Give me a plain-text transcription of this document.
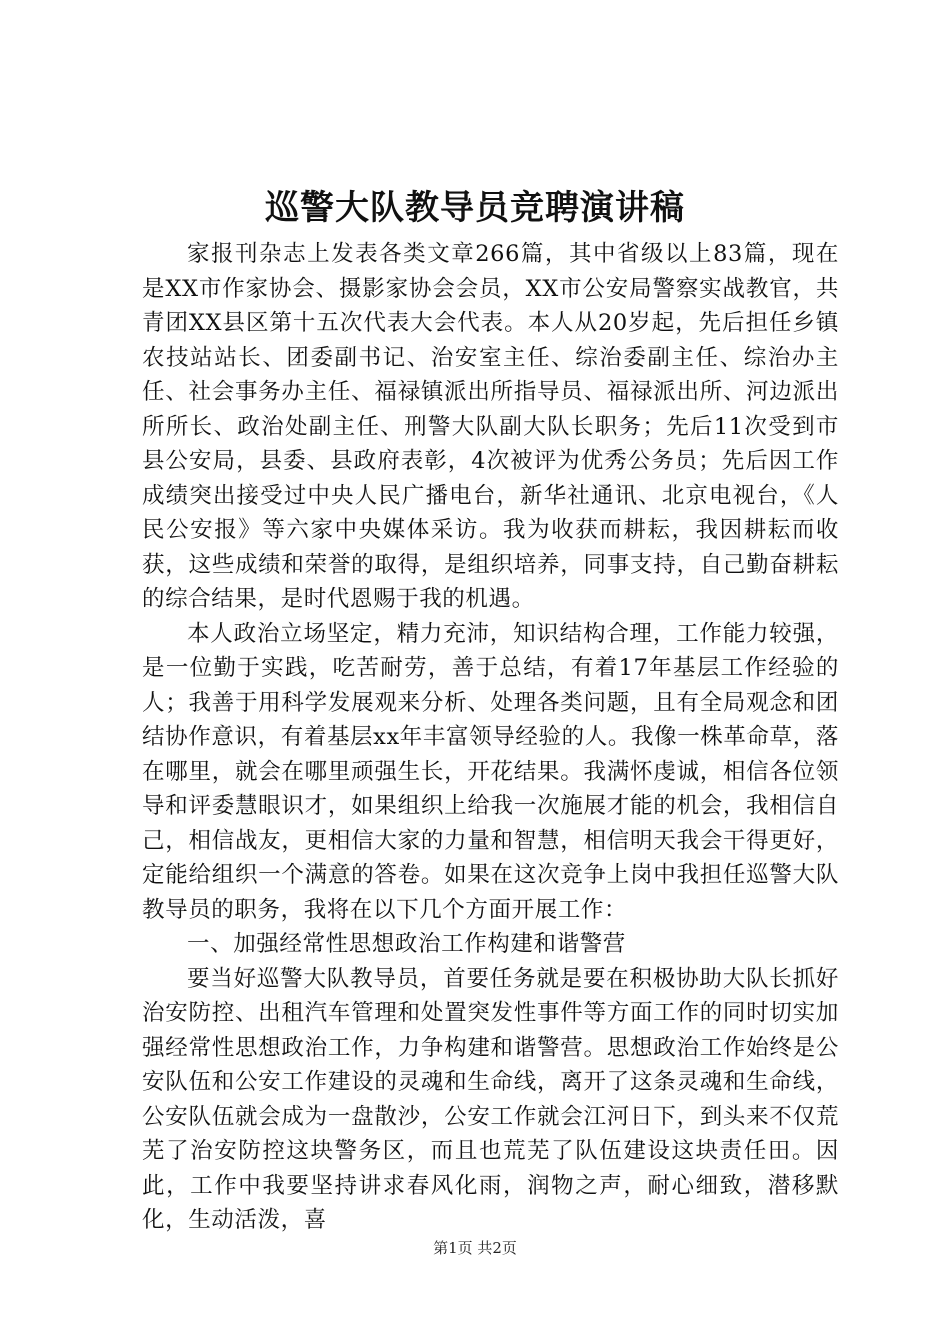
巡警大队教导员竞聘演讲稿

家报刊杂志上发表各类文章266篇，其中省级以上83篇，现在是XX市作家协会、摄影家协会会员，XX市公安局警察实战教官，共青团XX县区第十五次代表大会代表。本人从20岁起，先后担任乡镇农技站站长、团委副书记、治安室主任、综治委副主任、综治办主任、社会事务办主任、福禄镇派出所指导员、福禄派出所、河边派出所所长、政治处副主任、刑警大队副大队长职务；先后11次受到市县公安局，县委、县政府表彰，4次被评为优秀公务员；先后因工作成绩突出接受过中央人民广播电台，新华社通讯、北京电视台，《人民公安报》等六家中央媒体采访。我为收获而耕耘，我因耕耘而收获，这些成绩和荣誉的取得，是组织培养，同事支持，自己勤奋耕耘的综合结果，是时代恩赐于我的机遇。

本人政治立场坚定，精力充沛，知识结构合理，工作能力较强，是一位勤于实践，吃苦耐劳，善于总结，有着17年基层工作经验的人；我善于用科学发展观来分析、处理各类问题，且有全局观念和团结协作意识，有着基层xx年丰富领导经验的人。我像一株革命草，落在哪里，就会在哪里顽强生长，开花结果。我满怀虔诚，相信各位领导和评委慧眼识才，如果组织上给我一次施展才能的机会，我相信自己，相信战友，更相信大家的力量和智慧，相信明天我会干得更好，定能给组织一个满意的答卷。如果在这次竞争上岗中我担任巡警大队教导员的职务，我将在以下几个方面开展工作：

一、加强经常性思想政治工作构建和谐警营

要当好巡警大队教导员，首要任务就是要在积极协助大队长抓好治安防控、出租汽车管理和处置突发性事件等方面工作的同时切实加强经常性思想政治工作，力争构建和谐警营。思想政治工作始终是公安队伍和公安工作建设的灵魂和生命线，离开了这条灵魂和生命线，公安队伍就会成为一盘散沙，公安工作就会江河日下，到头来不仅荒芜了治安防控这块警务区，而且也荒芜了队伍建设这块责任田。因此，工作中我要坚持讲求春风化雨，润物之声，耐心细致，潜移默化，生动活泼，喜

第1页 共2页
